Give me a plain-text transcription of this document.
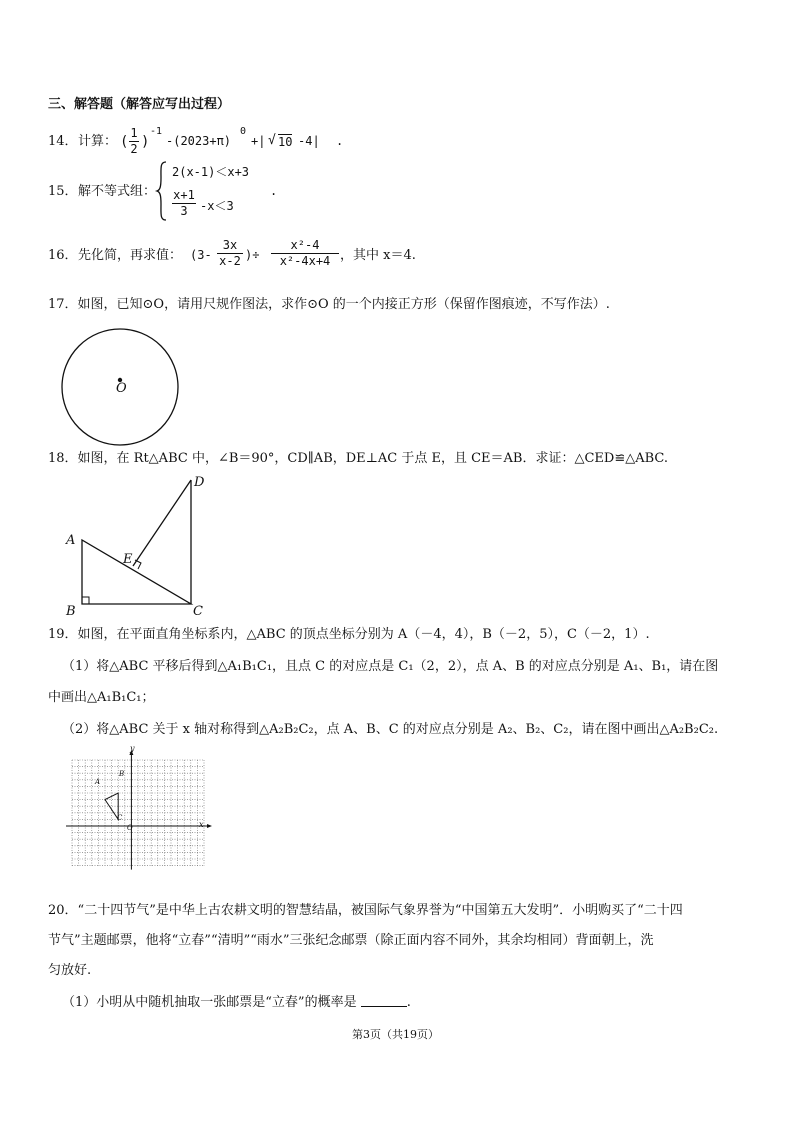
三、解答题（解答应写出过程）
14． 计算： (
1
2 )
-1
-(2023+π)
0
+| √ 10 -4| .
15． 解不等式组：
2(x-1)＜x+3
x+1
3	-x＜3
.
16． 先化简，再求值： (3-
3x
x-2 )÷
x²-4
x²-4x+4 ，其中 x＝4.
17．如图，已知⊙O，请用尺规作图法，求作⊙O 的一个内接正方形（保留作图痕迹，不写作法）.
O
18．如图，在 Rt△ABC 中，∠B＝90°，CD∥AB，DE⊥AC 于点 E，且 CE＝AB．求证：△CED≌△ABC.
A
B	C
D
E
19．如图，在平面直角坐标系内，△ABC 的顶点坐标分别为 A（－4，4），B（－2，5），C（－2，1）.
（1）将△ABC 平移后得到△A₁B₁C₁，且点 C 的对应点是 C₁（2，2），点 A、B 的对应点分别是 A₁、B₁，请在图
中画出△A₁B₁C₁；
（2）将△ABC 关于 x 轴对称得到△A₂B₂C₂，点 A、B、C 的对应点分别是 A₂、B₂、C₂，请在图中画出△A₂B₂C₂.
x
y
O
A
B
C
20．“二十四节气”是中华上古农耕文明的智慧结晶，被国际气象界誉为“中国第五大发明”．小明购买了“二十四
节气”主题邮票，他将“立春”“清明”“雨水”三张纪念邮票（除正面内容不同外，其余均相同）背面朝上，洗
匀放好.
（1）小明从中随机抽取一张邮票是“立春”的概率是	.
第3页（共19页）
